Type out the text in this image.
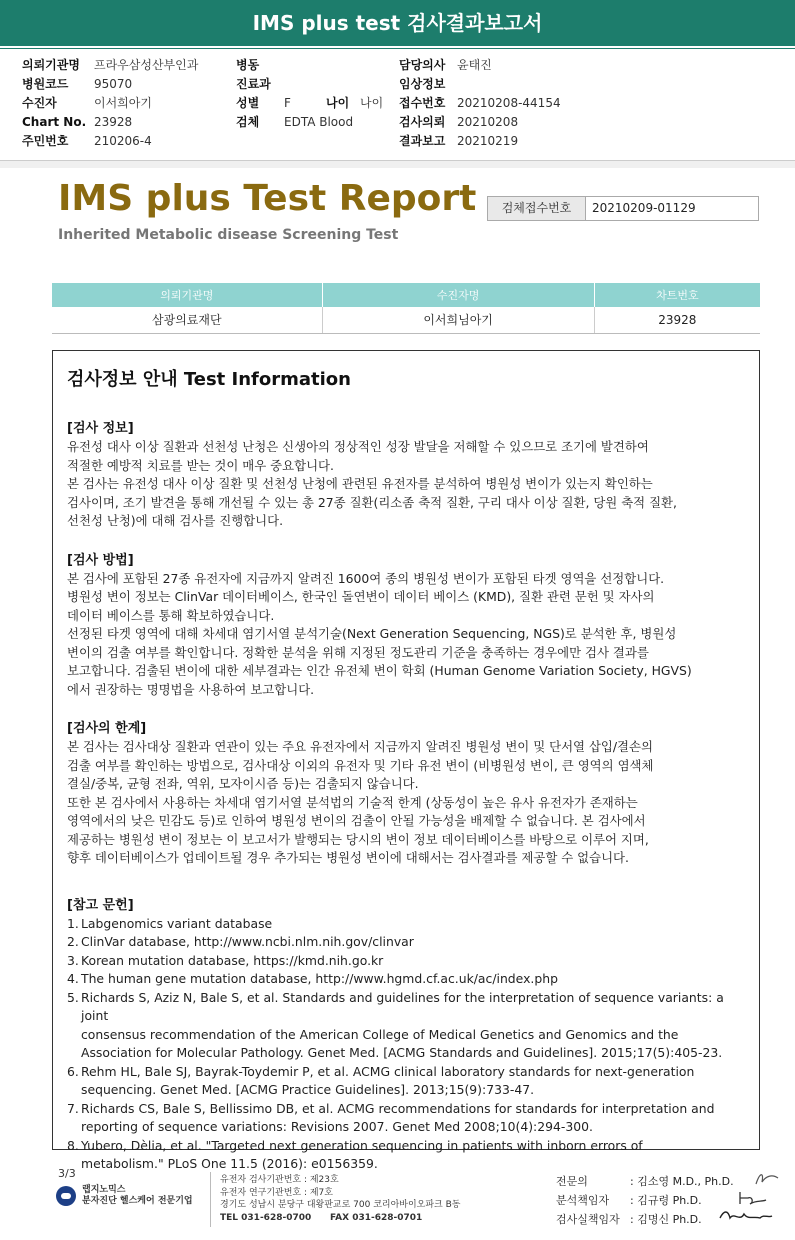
IMS plus test 검사결과보고서
의뢰기관명 프라우삼성산부인과
병원코드 95070
수진자	이서희아기
Chart No. 23928
주민번호 210206-4
병동
진료과
성별 F	나이 나이
검체 EDTA Blood
담당의사 윤태진
임상정보
접수번호 20210208-44154
검사의뢰 20210208
결과보고 20210219
IMS plus Test Report
Inherited Metabolic disease Screening Test
검체접수번호	20210209-01129
의뢰기관명	수진자명	차트번호
삼광의료재단	이서희님아기	23928
검사정보 안내 Test Information
[검사 정보]

유전성 대사 이상 질환과 선천성 난청은 신생아의 정상적인 성장 발달을 저해할 수 있으므로 조기에 발견하여

적절한 예방적 치료를 받는 것이 매우 중요합니다.

본 검사는 유전성 대사 이상 질환 및 선천성 난청에 관련된 유전자를 분석하여 병원성 변이가 있는지 확인하는

검사이며, 조기 발견을 통해 개선될 수 있는 총 27종 질환(리소좀 축적 질환, 구리 대사 이상 질환, 당원 축적 질환,

선천성 난청)에 대해 검사를 진행합니다.

[검사 방법]

본 검사에 포함된 27종 유전자에 지금까지 알려진 1600여 종의 병원성 변이가 포함된 타겟 영역을 선정합니다.

병원성 변이 정보는 ClinVar 데이터베이스, 한국인 돌연변이 데이터 베이스 (KMD), 질환 관련 문헌 및 자사의

데이터 베이스를 통해 확보하였습니다.

선정된 타겟 영역에 대해 차세대 염기서열 분석기술(Next Generation Sequencing, NGS)로 분석한 후, 병원성

변이의 검출 여부를 확인합니다. 정확한 분석을 위해 지정된 정도관리 기준을 충족하는 경우에만 검사 결과를

보고합니다. 검출된 변이에 대한 세부결과는 인간 유전체 변이 학회 (Human Genome Variation Society, HGVS)

에서 권장하는 명명법을 사용하여 보고합니다.

[검사의 한계]

본 검사는 검사대상 질환과 연관이 있는 주요 유전자에서 지금까지 알려진 병원성 변이 및 단서열 삽입/결손의

검출 여부를 확인하는 방법으로, 검사대상 이외의 유전자 및 기타 유전 변이 (비병원성 변이, 큰 영역의 염색체

결실/중복, 균형 전좌, 역위, 모자이시즘 등)는 검출되지 않습니다.

또한 본 검사에서 사용하는 차세대 염기서열 분석법의 기술적 한계 (상동성이 높은 유사 유전자가 존재하는

영역에서의 낮은 민감도 등)로 인하여 병원성 변이의 검출이 안될 가능성을 배제할 수 없습니다. 본 검사에서

제공하는 병원성 변이 정보는 이 보고서가 발행되는 당시의 변이 정보 데이터베이스를 바탕으로 이루어 지며,

향후 데이터베이스가 업데이트될 경우 추가되는 병원성 변이에 대해서는 검사결과를 제공할 수 없습니다.

[참고 문헌]
1. Labgenomics variant database
2. ClinVar database, http://www.ncbi.nlm.nih.gov/clinvar
3. Korean mutation database, https://kmd.nih.go.kr
4. The human gene mutation database, http://www.hgmd.cf.ac.uk/ac/index.php
5. Richards S, Aziz N, Bale S, et al. Standards and guidelines for the interpretation of sequence variants: a joint
consensus recommendation of the American College of Medical Genetics and Genomics and the
Association for Molecular Pathology. Genet Med. [ACMG Standards and Guidelines]. 2015;17(5):405-23.
6. Rehm HL, Bale SJ, Bayrak-Toydemir P, et al. ACMG clinical laboratory standards for next-generation
sequencing. Genet Med. [ACMG Practice Guidelines]. 2013;15(9):733-47.
7. Richards CS, Bale S, Bellissimo DB, et al. ACMG recommendations for standards for interpretation and
reporting of sequence variations: Revisions 2007. Genet Med 2008;10(4):294-300.
8. Yubero, Dèlia, et al. "Targeted next generation sequencing in patients with inborn errors of
metabolism." PLoS One 11.5 (2016): e0156359.
3/3
랩지노믹스
분자진단 헬스케어 전문기업
유전자 검사기관번호 : 제23호
유전자 연구기관번호 : 제7호
경기도 성남시 분당구 대왕판교로 700 코리아바이오파크 B동
TEL 031-628-0700      FAX 031-628-0701
전문의	: 김소영 M.D., Ph.D.
분석책임자 : 김규령 Ph.D.
검사실책임자 : 김명신 Ph.D.
